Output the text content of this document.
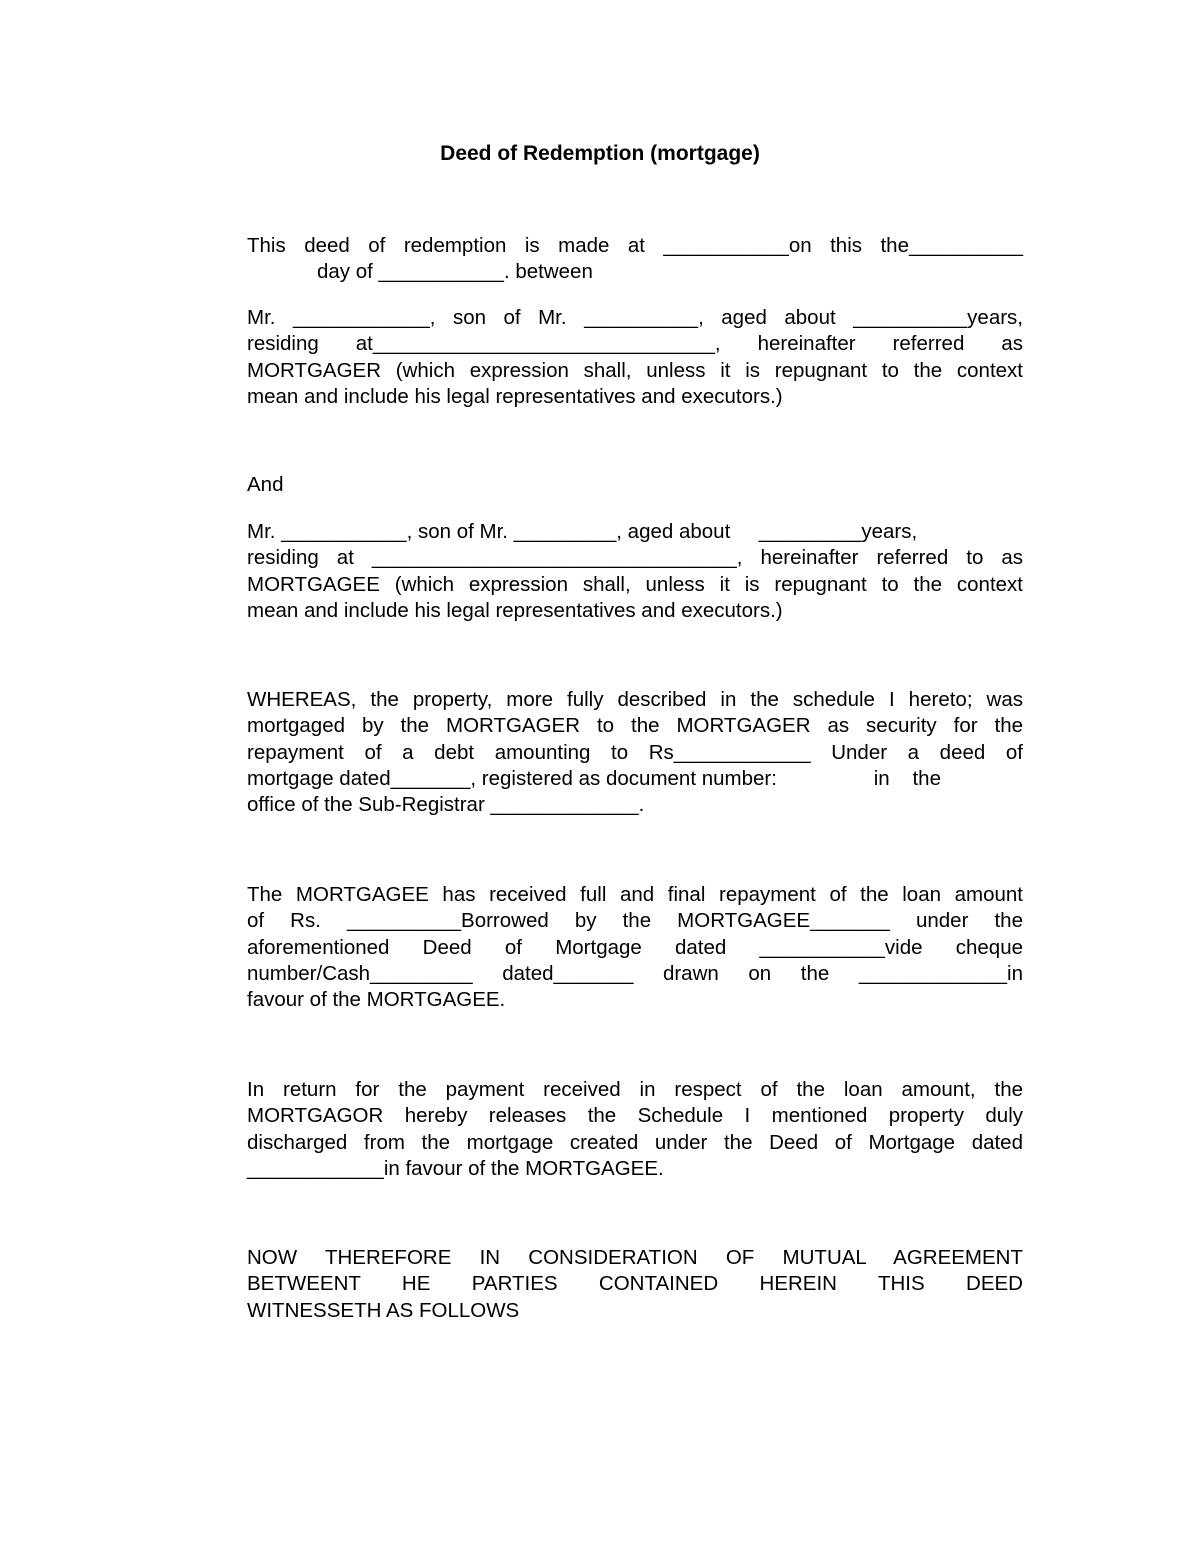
Deed of Redemption (mortgage)
This deed of redemption is made at ___________on this the__________
day of ___________. between
Mr. ____________, son of Mr. __________, aged about __________years,
residing at______________________________, hereinafter referred as
MORTGAGER (which expression shall, unless it is repugnant to the context
mean and include his legal representatives and executors.)
And
Mr. ___________, son of Mr. _________, aged about     _________years,
residing at ________________________________, hereinafter referred to as
MORTGAGEE (which expression shall, unless it is repugnant to the context
mean and include his legal representatives and executors.)
WHEREAS, the property, more fully described in the schedule I hereto; was
mortgaged by the MORTGAGER to the MORTGAGER as security for the
repayment of a debt amounting to Rs____________ Under a deed of
mortgage dated_______, registered as document number:                 in    the
office of the Sub-Registrar _____________.
The MORTGAGEE has received full and final repayment of the loan amount
of Rs. __________Borrowed by the MORTGAGEE_______ under the
aforementioned Deed of Mortgage dated ___________vide cheque
number/Cash_________ dated_______ drawn on the _____________in
favour of the MORTGAGEE.
In return for the payment received in respect of the loan amount, the
MORTGAGOR hereby releases the Schedule I mentioned property duly
discharged from the mortgage created under the Deed of Mortgage dated
____________in favour of the MORTGAGEE.
NOW THEREFORE IN CONSIDERATION OF MUTUAL AGREEMENT
BETWEENT HE PARTIES CONTAINED HEREIN THIS DEED
WITNESSETH AS FOLLOWS
